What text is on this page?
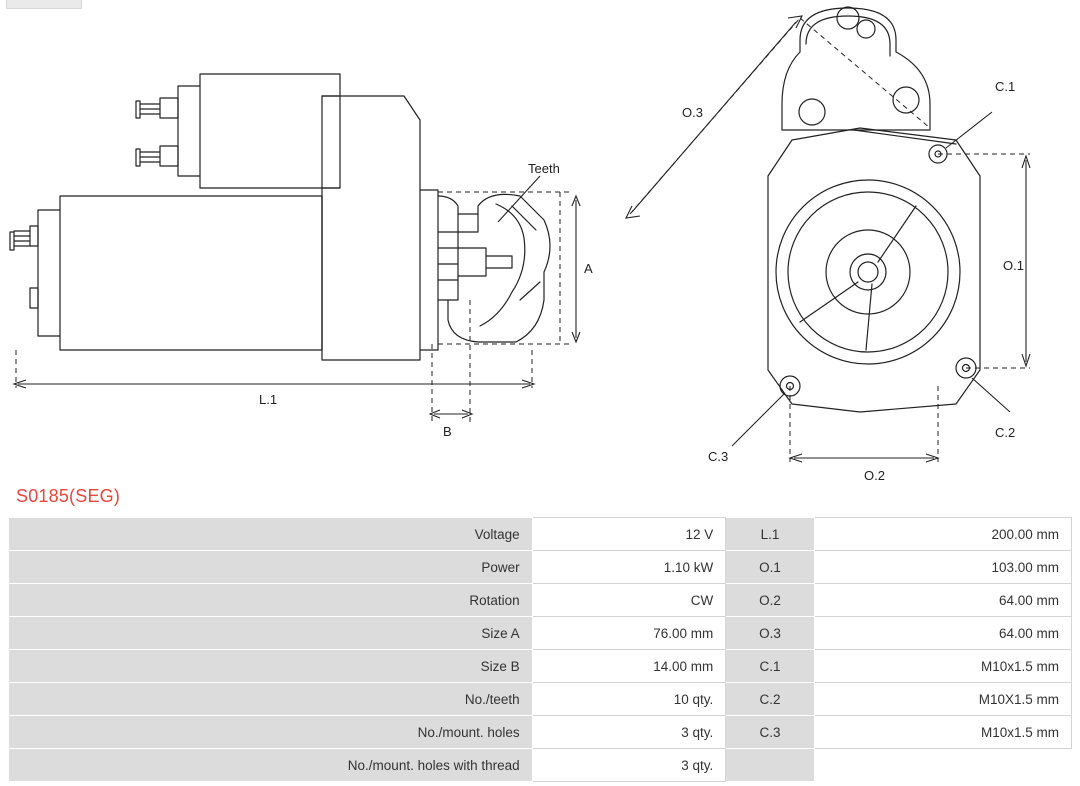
Teeth
A
L.1
B
O.1
O.2
O.3
C.1
C.2
C.3
S0185(SEG)
Voltage	12 V	L.1	200.00 mm
Power	1.10 kW	O.1	103.00 mm
Rotation	CW	O.2	64.00 mm
Size A	76.00 mm	O.3	64.00 mm
Size B	14.00 mm	C.1	M10x1.5 mm
No./teeth	10 qty.	C.2	M10X1.5 mm
No./mount. holes	3 qty.	C.3	M10x1.5 mm
No./mount. holes with thread	3 qty.		
